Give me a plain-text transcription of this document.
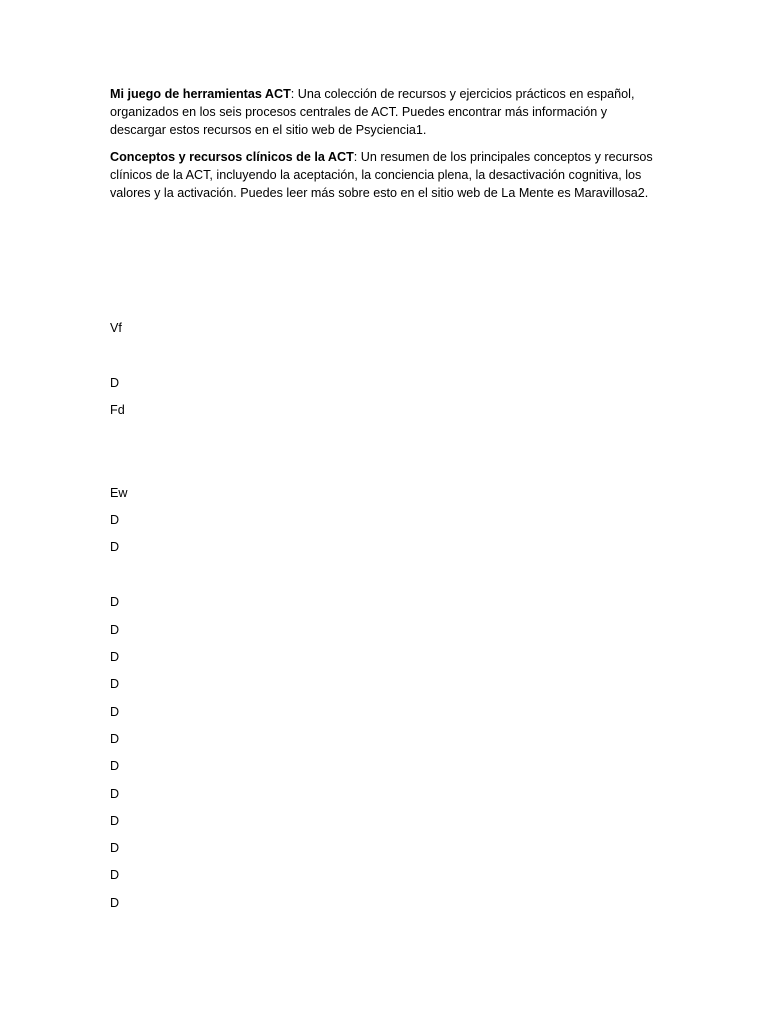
Mi juego de herramientas ACT: Una colección de recursos y ejercicios prácticos en español, organizados en los seis procesos centrales de ACT. Puedes encontrar más información y descargar estos recursos en el sitio web de Psyciencia1.

Conceptos y recursos clínicos de la ACT: Un resumen de los principales conceptos y recursos clínicos de la ACT, incluyendo la aceptación, la conciencia plena, la desactivación cognitiva, los valores y la activación. Puedes leer más sobre esto en el sitio web de La Mente es Maravillosa2.

Vf

D

Fd

Ew

D

D

D

D

D

D

D

D

D

D

D

D

D

D
